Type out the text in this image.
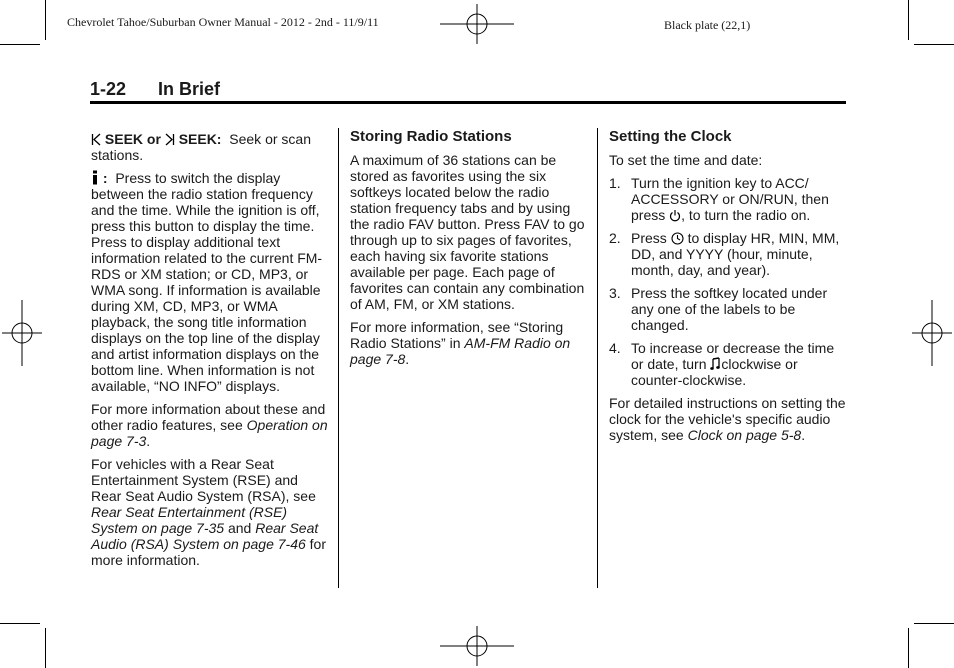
Chevrolet Tahoe/Suburban Owner Manual - 2012 - 2nd - 11/9/11	Black plate (22,1)
1-22 In Brief

SEEK or SEEK: Seek or scan stations.

: Press to switch the display between the radio station frequency and the time. While the ignition is off, press this button to display the time. Press to display additional text information related to the current FM-RDS or XM station; or CD, MP3, or WMA song. If information is available during XM, CD, MP3, or WMA playback, the song title information displays on the top line of the display and artist information displays on the bottom line. When information is not available, “NO INFO” displays.

For more information about these and other radio features, see Operation on page 7-3.

For vehicles with a Rear Seat Entertainment System (RSE) and Rear Seat Audio System (RSA), see Rear Seat Entertainment (RSE) System on page 7-35 and Rear Seat Audio (RSA) System on page 7-46 for more information.

Storing Radio Stations

A maximum of 36 stations can be stored as favorites using the six softkeys located below the radio station frequency tabs and by using the radio FAV button. Press FAV to go through up to six pages of favorites, each having six favorite stations available per page. Each page of favorites can contain any combination of AM, FM, or XM stations.

For more information, see “Storing Radio Stations” in AM-FM Radio on page 7-8.

Setting the Clock

To set the time and date:

1. Turn the ignition key to ACC/ ACCESSORY or ON/RUN, then press , to turn the radio on.
2. Press to display HR, MIN, MM, DD, and YYYY (hour, minute, month, day, and year).
3. Press the softkey located under any one of the labels to be changed.
4. To increase or decrease the time or date, turn clockwise or counter-clockwise.

For detailed instructions on setting the clock for the vehicle's specific audio system, see Clock on page 5-8.
